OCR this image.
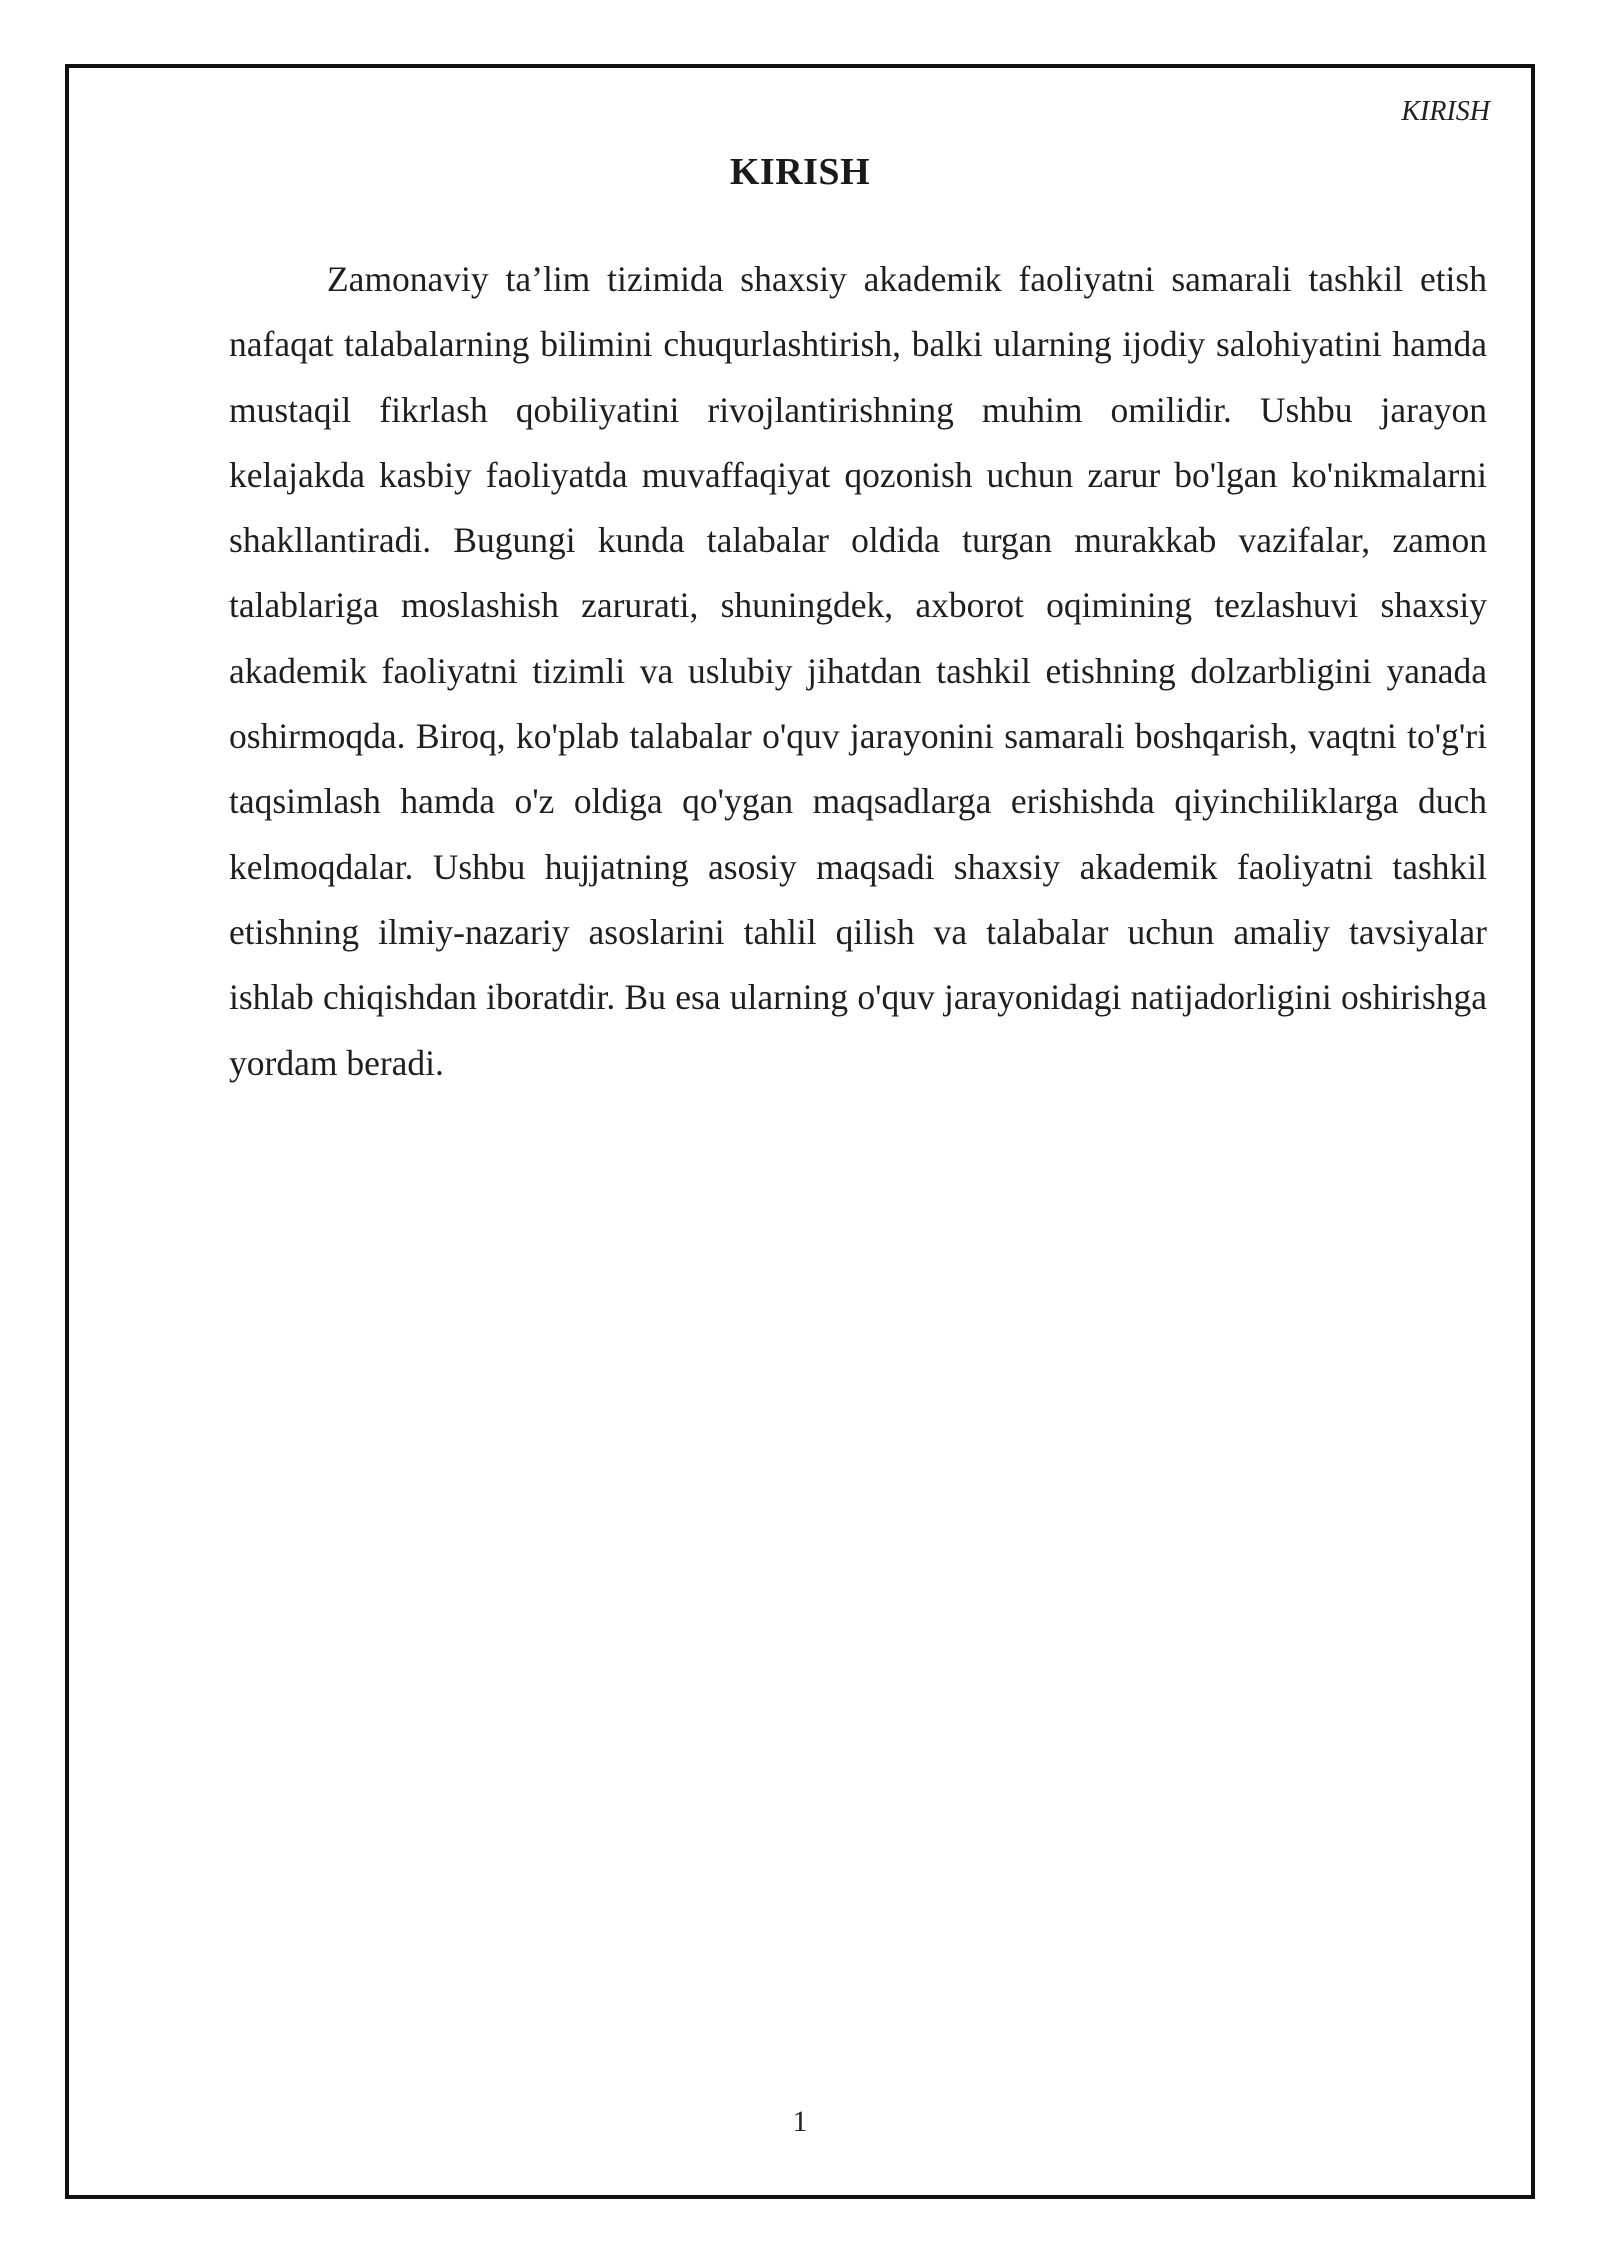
KIRISH
KIRISH

Zamonaviy ta’lim tizimida shaxsiy akademik faoliyatni samarali tashkil etish nafaqat talabalarning bilimini chuqurlashtirish, balki ularning ijodiy salohiyatini hamda mustaqil fikrlash qobiliyatini rivojlantirishning muhim omilidir. Ushbu jarayon kelajakda kasbiy faoliyatda muvaffaqiyat qozonish uchun zarur bo'lgan ko'nikmalarni shakllantiradi. Bugungi kunda talabalar oldida turgan murakkab vazifalar, zamon talablariga moslashish zarurati, shuningdek, axborot oqimining tezlashuvi shaxsiy akademik faoliyatni tizimli va uslubiy jihatdan tashkil etishning dolzarbligini yanada oshirmoqda. Biroq, ko'plab talabalar o'quv jarayonini samarali boshqarish, vaqtni to'g'ri taqsimlash hamda o'z oldiga qo'ygan maqsadlarga erishishda qiyinchiliklarga duch kelmoqdalar. Ushbu hujjatning asosiy maqsadi shaxsiy akademik faoliyatni tashkil etishning ilmiy-nazariy asoslarini tahlil qilish va talabalar uchun amaliy tavsiyalar ishlab chiqishdan iboratdir. Bu esa ularning o'quv jarayonidagi natijadorligini oshirishga yordam beradi.

1
